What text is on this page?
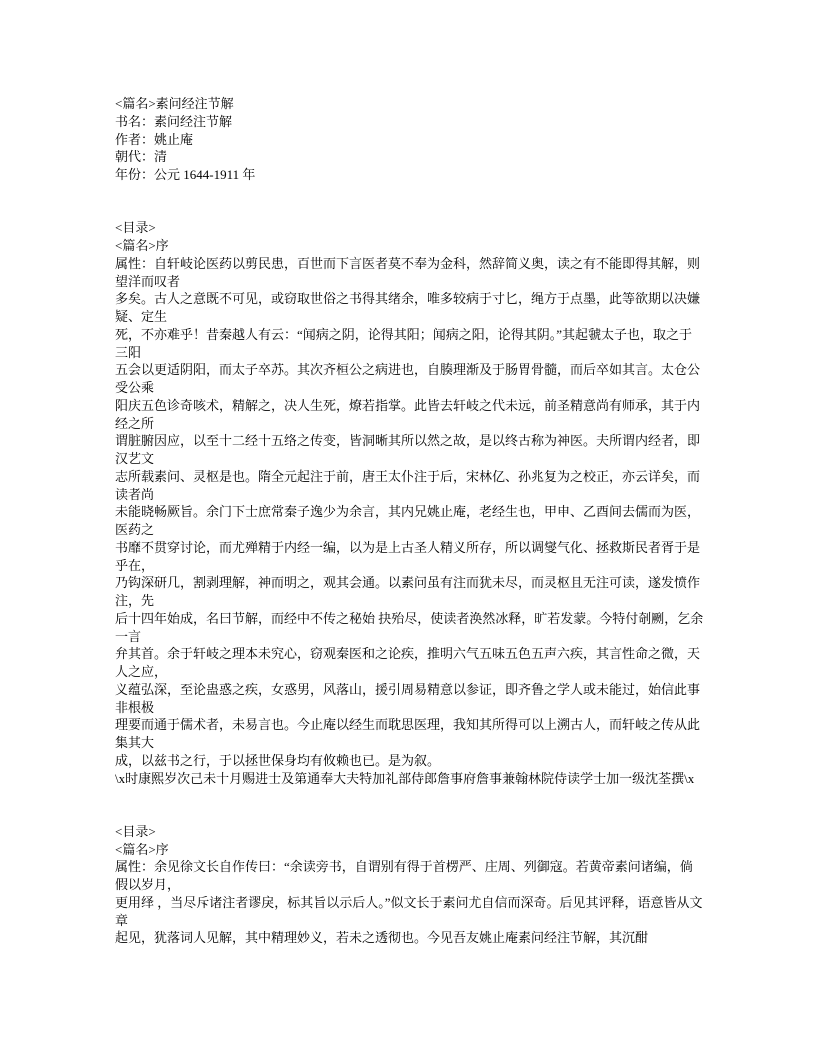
<篇名>素问经注节解
书名：素问经注节解
作者：姚止庵
朝代：清
年份：公元 1644-1911 年
<目录>
<篇名>序
属性：自轩岐论医药以剪民患，百世而下言医者莫不奉为金科，然辞简义奥，读之有不能即得其解，则望洋而叹者
多矣。古人之意既不可见，或窃取世俗之书得其绪余，唯多较病于寸匕，绳方于点墨，此等欲期以决嫌疑、定生
死，不亦难乎！昔秦越人有云：“闻病之阴，论得其阳；闻病之阳，论得其阴。”其起虢太子也，取之于三阳
五会以更适阴阳，而太子卒苏。其次齐桓公之病进也，自腠理渐及于肠胃骨髓，而后卒如其言。太仓公受公乘
阳庆五色诊奇咳术，精解之，决人生死，燎若指掌。此皆去轩岐之代未远，前圣精意尚有师承，其于内经之所
谓脏腑因应，以至十二经十五络之传变，皆洞晰其所以然之故，是以终古称为神医。夫所谓内经者，即汉艺文
志所载素问、灵枢是也。隋全元起注于前，唐王太仆注于后，宋林亿、孙兆复为之校正，亦云详矣，而读者尚
未能晓畅厥旨。余门下士庶常秦子逸少为余言，其内兄姚止庵，老经生也，甲申、乙酉间去儒而为医，医药之
书靡不贯穿讨论，而尤殚精于内经一编，以为是上古圣人精义所存，所以调燮气化、拯救斯民者胥于是乎在，
乃钩深研几，割剥理解，神而明之，观其会通。以素问虽有注而犹未尽，而灵枢且无注可读，遂发愤作注，先
后十四年始成，名曰节解，而经中不传之秘始 抉殆尽，使读者涣然冰释，旷若发蒙。今特付剞劂，乞余一言
弁其首。余于轩岐之理本未究心，窃观秦医和之论疾，推明六气五味五色五声六疾，其言性命之微，天人之应，
义蕴弘深，至论蛊惑之疾，女惑男，风落山，援引周易精意以参证，即齐鲁之学人或未能过，始信此事非根极
理要而通于儒术者，未易言也。今止庵以经生而耽思医理，我知其所得可以上溯古人，而轩岐之传从此集其大
成，以兹书之行，于以拯世保身均有攸赖也已。是为叙。
\x时康熙岁次己未十月赐进士及第通奉大夫特加礼部侍郎詹事府詹事兼翰林院侍读学士加一级沈荃撰\x
<目录>
<篇名>序
属性：余见徐文长自作传曰：“余读旁书，自谓别有得于首楞严、庄周、列御寇。若黄帝素问诸编，倘假以岁月，
更用绎 ，当尽斥诸注者谬戾，标其旨以示后人。”似文长于素问尤自信而深奇。后见其评释，语意皆从文章
起见，犹落词人见解，其中精理妙义，若未之透彻也。今见吾友姚止庵素问经注节解，其沉酣
